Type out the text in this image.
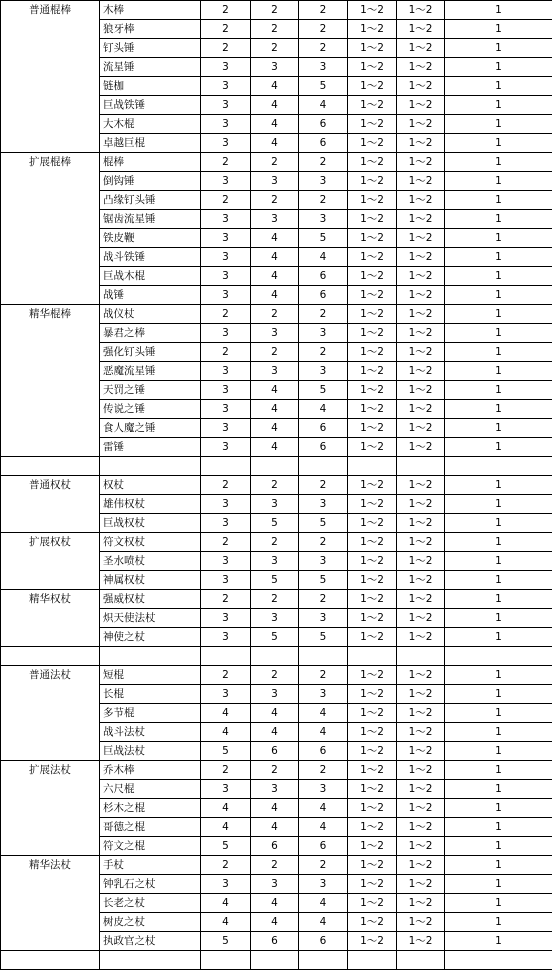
普通棍棒	木棒	2	2	2	1～2	1～2	1
	狼牙棒	2	2	2	1～2	1～2	1
	钉头锤	2	2	2	1～2	1～2	1
	流星锤	3	3	3	1～2	1～2	1
	链枷	3	4	5	1～2	1～2	1
	巨战铁锤	3	4	4	1～2	1～2	1
	大木棍	3	4	6	1～2	1～2	1
	卓越巨棍	3	4	6	1～2	1～2	1
扩展棍棒	棍棒	2	2	2	1～2	1～2	1
	倒钩锤	3	3	3	1～2	1～2	1
	凸缘钉头锤	2	2	2	1～2	1～2	1
	锯齿流星锤	3	3	3	1～2	1～2	1
	铁皮鞭	3	4	5	1～2	1～2	1
	战斗铁锤	3	4	4	1～2	1～2	1
	巨战木棍	3	4	6	1～2	1～2	1
	战锤	3	4	6	1～2	1～2	1
精华棍棒	战仪杖	2	2	2	1～2	1～2	1
	暴君之棒	3	3	3	1～2	1～2	1
	强化钉头锤	2	2	2	1～2	1～2	1
	恶魔流星锤	3	3	3	1～2	1～2	1
	天罚之锤	3	4	5	1～2	1～2	1
	传说之锤	3	4	4	1～2	1～2	1
	食人魔之锤	3	4	6	1～2	1～2	1
	雷锤	3	4	6	1～2	1～2	1

普通权杖	权杖	2	2	2	1～2	1～2	1
	雄伟权杖	3	3	3	1～2	1～2	1
	巨战权杖	3	5	5	1～2	1～2	1
扩展权杖	符文权杖	2	2	2	1～2	1～2	1
	圣水喷杖	3	3	3	1～2	1～2	1
	神属权杖	3	5	5	1～2	1～2	1
精华权杖	强威权杖	2	2	2	1～2	1～2	1
	炽天使法杖	3	3	3	1～2	1～2	1
	神使之杖	3	5	5	1～2	1～2	1

普通法杖	短棍	2	2	2	1～2	1～2	1
	长棍	3	3	3	1～2	1～2	1
	多节棍	4	4	4	1～2	1～2	1
	战斗法杖	4	4	4	1～2	1～2	1
	巨战法杖	5	6	6	1～2	1～2	1
扩展法杖	乔木棒	2	2	2	1～2	1～2	1
	六尺棍	3	3	3	1～2	1～2	1
	杉木之棍	4	4	4	1～2	1～2	1
	哥德之棍	4	4	4	1～2	1～2	1
	符文之棍	5	6	6	1～2	1～2	1
精华法杖	手杖	2	2	2	1～2	1～2	1
	钟乳石之杖	3	3	3	1～2	1～2	1
	长老之杖	4	4	4	1～2	1～2	1
	树皮之杖	4	4	4	1～2	1～2	1
	执政官之杖	5	6	6	1～2	1～2	1
